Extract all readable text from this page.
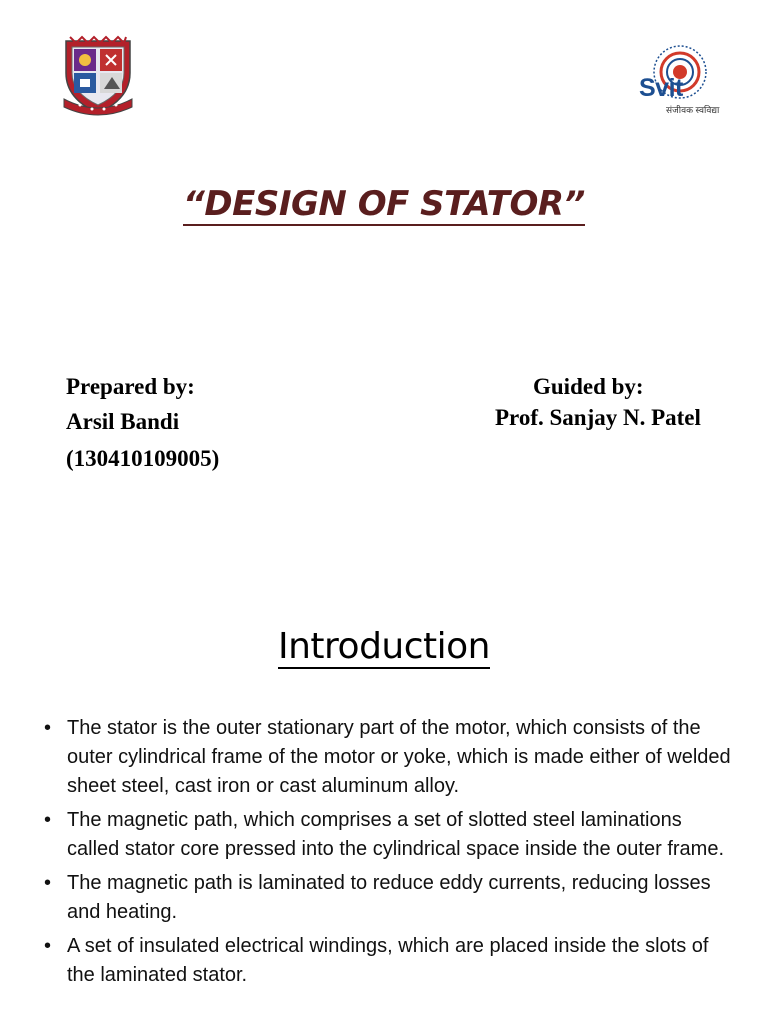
Svit
संजीवक स्वविद्या
“DESIGN OF STATOR”
Prepared by:
Arsil Bandi
(130410109005)
Guided by:
Prof. Sanjay N. Patel
Introduction
• The stator is the outer stationary part of the motor, which consists of the outer cylindrical frame of the motor or yoke, which is made either of welded sheet steel, cast iron or cast aluminum alloy.
• The magnetic path, which comprises a set of slotted steel laminations called stator core pressed into the cylindrical space inside the outer frame.
• The magnetic path is laminated to reduce eddy currents, reducing losses and heating.
• A set of insulated electrical windings, which are placed inside the slots of the laminated stator.
